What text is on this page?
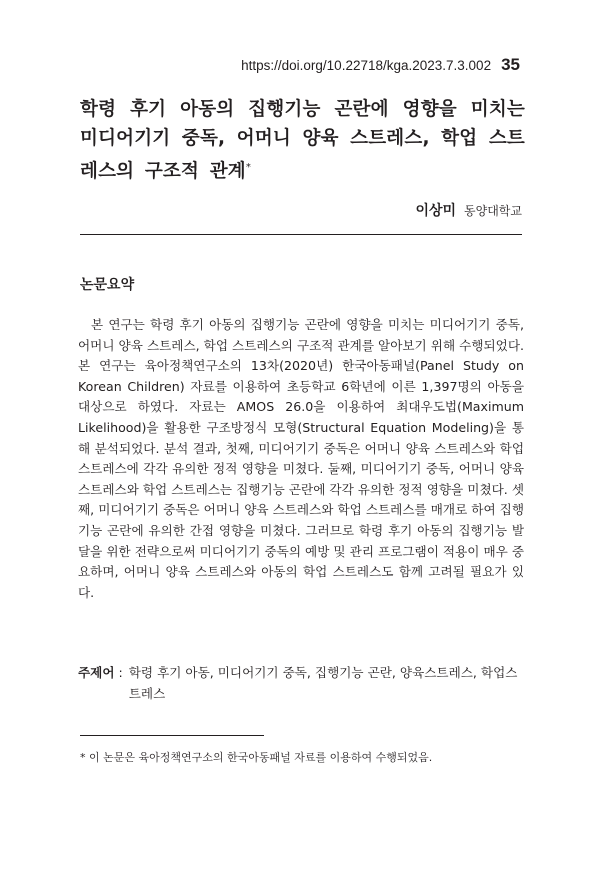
https://doi.org/10.22718/kga.2023.7.3.002 35
학령 후기 아동의 집행기능 곤란에 영향을 미치는 미디어기기 중독, 어머니 양육 스트레스, 학업 스트레스의 구조적 관계*
이상미 동양대학교
논문요약

본 연구는 학령 후기 아동의 집행기능 곤란에 영향을 미치는 미디어기기 중독, 어머니 양육 스트레스, 학업 스트레스의 구조적 관계를 알아보기 위해 수행되었다. 본 연구는 육아정책연구소의 13차(2020년) 한국아동패널(Panel Study on Korean Children) 자료를 이용하여 초등학교 6학년에 이른 1,397명의 아동을 대상으로 하였다. 자료는 AMOS 26.0을 이용하여 최대우도법(Maximum Likelihood)을 활용한 구조방정식 모형(Structural Equation Modeling)을 통해 분석되었다. 분석 결과, 첫째, 미디어기기 중독은 어머니 양육 스트레스와 학업 스트레스에 각각 유의한 정적 영향을 미쳤다. 둘째, 미디어기기 중독, 어머니 양육 스트레스와 학업 스트레스는 집행기능 곤란에 각각 유의한 정적 영향을 미쳤다. 셋째, 미디어기기 중독은 어머니 양육 스트레스와 학업 스트레스를 매개로 하여 집행기능 곤란에 유의한 간접 영향을 미쳤다. 그러므로 학령 후기 아동의 집행기능 발달을 위한 전략으로써 미디어기기 중독의 예방 및 관리 프로그램이 적용이 매우 중요하며, 어머니 양육 스트레스와 아동의 학업 스트레스도 함께 고려될 필요가 있다.

주제어 : 학령 후기 아동, 미디어기기 중독, 집행기능 곤란, 양육스트레스, 학업스트레스
* 이 논문은 육아정책연구소의 한국아동패널 자료를 이용하여 수행되었음.
